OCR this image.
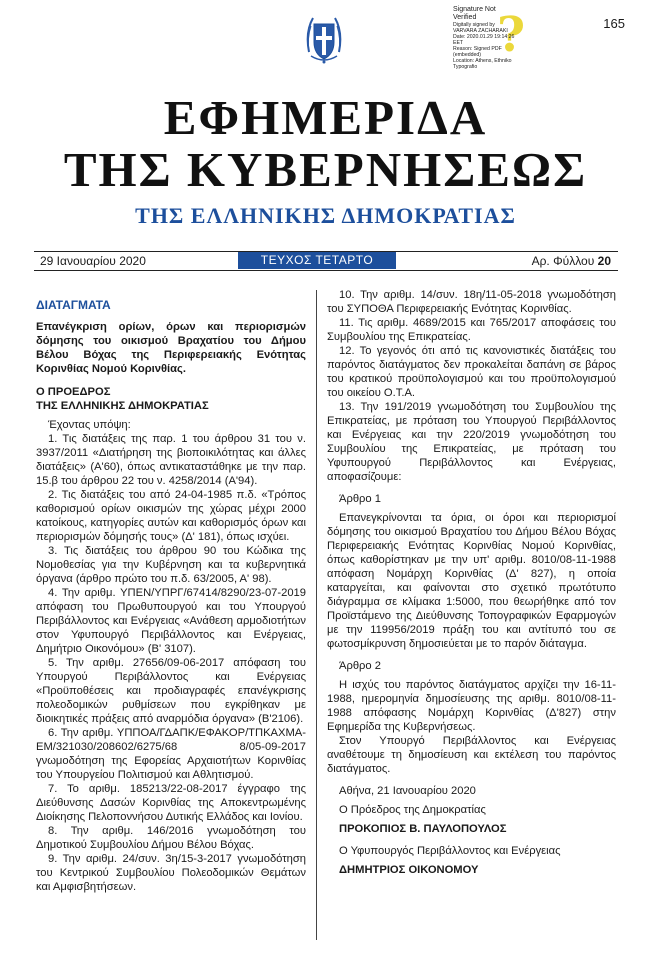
165
?
Signature Not
Verified
Digitally signed by
VARVARA ZACHARAKI
Date: 2020.01.29 19:14:26
EET
Reason: Signed PDF
(embedded)
Location: Athens, Ethniko
Typografio
ΕΦΗΜΕΡΙΔΑ
ΤΗΣ ΚΥΒΕΡΝΗΣΕΩΣ
ΤΗΣ ΕΛΛΗΝΙΚΗΣ ΔΗΜΟΚΡΑΤΙΑΣ
29 Ιανουαρίου 2020	ΤΕΥΧΟΣ ΤΕΤΑΡΤΟ	Αρ. Φύλλου 20
ΔΙΑΤΑΓΜΑΤΑ

Επανέγκριση ορίων, όρων και περιορισμών δόμησης του οικισμού Βραχατίου του Δήμου Βέλου Βόχας της Περιφερειακής Ενότητας Κορινθίας Νομού Κορινθίας.

Ο ΠΡΟΕΔΡΟΣ
ΤΗΣ ΕΛΛΗΝΙΚΗΣ ΔΗΜΟΚΡΑΤΙΑΣ

Έχοντας υπόψη:

1. Τις διατάξεις της παρ. 1 του άρθρου 31 του ν. 3937/2011 «Διατήρηση της βιοποικιλότητας και άλλες διατάξεις» (Α'60), όπως αντικαταστάθηκε με την παρ. 15.β του άρθρου 22 του ν. 4258/2014 (Α'94).

2. Τις διατάξεις του από 24-04-1985 π.δ. «Τρόπος καθορισμού ορίων οικισμών της χώρας μέχρι 2000 κατοίκους, κατηγορίες αυτών και καθορισμός όρων και περιορισμών δόμησής τους» (Δ' 181), όπως ισχύει.

3. Τις διατάξεις του άρθρου 90 του Κώδικα της Νομοθεσίας για την Κυβέρνηση και τα κυβερνητικά όργανα (άρθρο πρώτο του π.δ. 63/2005, Α' 98).

4. Την αριθμ. ΥΠΕΝ/ΥΠΡΓ/67414/8290/23-07-2019 απόφαση του Πρωθυπουργού και του Υπουργού Περιβάλλοντος και Ενέργειας «Ανάθεση αρμοδιοτήτων στον Υφυπουργό Περιβάλλοντος και Ενέργειας, Δημήτριο Οικονόμου» (Β' 3107).

5. Την αριθμ. 27656/09-06-2017 απόφαση του Υπουργού Περιβάλλοντος και Ενέργειας «Προϋποθέσεις και προδιαγραφές επανέγκρισης πολεοδομικών ρυθμίσεων που εγκρίθηκαν με διοικητικές πράξεις από αναρμόδια όργανα» (Β'2106).

6. Την αριθμ. ΥΠΠΟΑ/ΓΔΑΠΚ/ΕΦΑΚΟΡ/ΤΠΚΑΧΜΑ-ΕΜ/321030/208602/6275/68 8/05-09-2017 γνωμοδότηση της Εφορείας Αρχαιοτήτων Κορινθίας του Υπουργείου Πολιτισμού και Αθλητισμού.

7. Το αριθμ. 185213/22-08-2017 έγγραφο της Διεύθυνσης Δασών Κορινθίας της Αποκεντρωμένης Διοίκησης Πελοποννήσου Δυτικής Ελλάδος και Ιονίου.

8. Την αριθμ. 146/2016 γνωμοδότηση του Δημοτικού Συμβουλίου Δήμου Βέλου Βόχας.

9. Την αριθμ. 24/συν. 3η/15-3-2017 γνωμοδότηση του Κεντρικού Συμβουλίου Πολεοδομικών Θεμάτων και Αμφισβητήσεων.

10. Την αριθμ. 14/συν. 18η/11-05-2018 γνωμοδότηση του ΣΥΠΟΘΑ Περιφερειακής Ενότητας Κορινθίας.

11. Τις αριθμ. 4689/2015 και 765/2017 αποφάσεις του Συμβουλίου της Επικρατείας.

12. Το γεγονός ότι από τις κανονιστικές διατάξεις του παρόντος διατάγματος δεν προκαλείται δαπάνη σε βάρος του κρατικού προϋπολογισμού και του προϋπολογισμού του οικείου Ο.Τ.Α.

13. Την 191/2019 γνωμοδότηση του Συμβουλίου της Επικρατείας, με πρόταση του Υπουργού Περιβάλλοντος και Ενέργειας και την 220/2019 γνωμοδότηση του Συμβουλίου της Επικρατείας, με πρόταση του Υφυπουργού Περιβάλλοντος και Ενέργειας, αποφασίζουμε:

Άρθρο 1

Επανεγκρίνονται τα όρια, οι όροι και περιορισμοί δόμησης του οικισμού Βραχατίου του Δήμου Βέλου Βόχας Περιφερειακής Ενότητας Κορινθίας Νομού Κορινθίας, όπως καθορίστηκαν με την υπ' αριθμ. 8010/08-11-1988 απόφαση Νομάρχη Κορινθίας (Δ' 827), η οποία καταργείται, και φαίνονται στο σχετικό πρωτότυπο διάγραμμα σε κλίμακα 1:5000, που θεωρήθηκε από τον Προϊστάμενο της Διεύθυνσης Τοπογραφικών Εφαρμογών με την 119956/2019 πράξη του και αντίτυπό του σε φωτοσμίκρυνση δημοσιεύεται με το παρόν διάταγμα.

Άρθρο 2

Η ισχύς του παρόντος διατάγματος αρχίζει την 16-11-1988, ημερομηνία δημοσίευσης της αριθμ. 8010/08-11-1988 απόφασης Νομάρχη Κορινθίας (Δ'827) στην Εφημερίδα της Κυβερνήσεως.

Στον Υπουργό Περιβάλλοντος και Ενέργειας αναθέτουμε τη δημοσίευση και εκτέλεση του παρόντος διατάγματος.

Αθήνα, 21 Ιανουαρίου 2020

Ο Πρόεδρος της Δημοκρατίας

ΠΡΟΚΟΠΙΟΣ Β. ΠΑΥΛΟΠΟΥΛΟΣ

Ο Υφυπουργός Περιβάλλοντος και Ενέργειας

ΔΗΜΗΤΡΙΟΣ ΟΙΚΟΝΟΜΟΥ
